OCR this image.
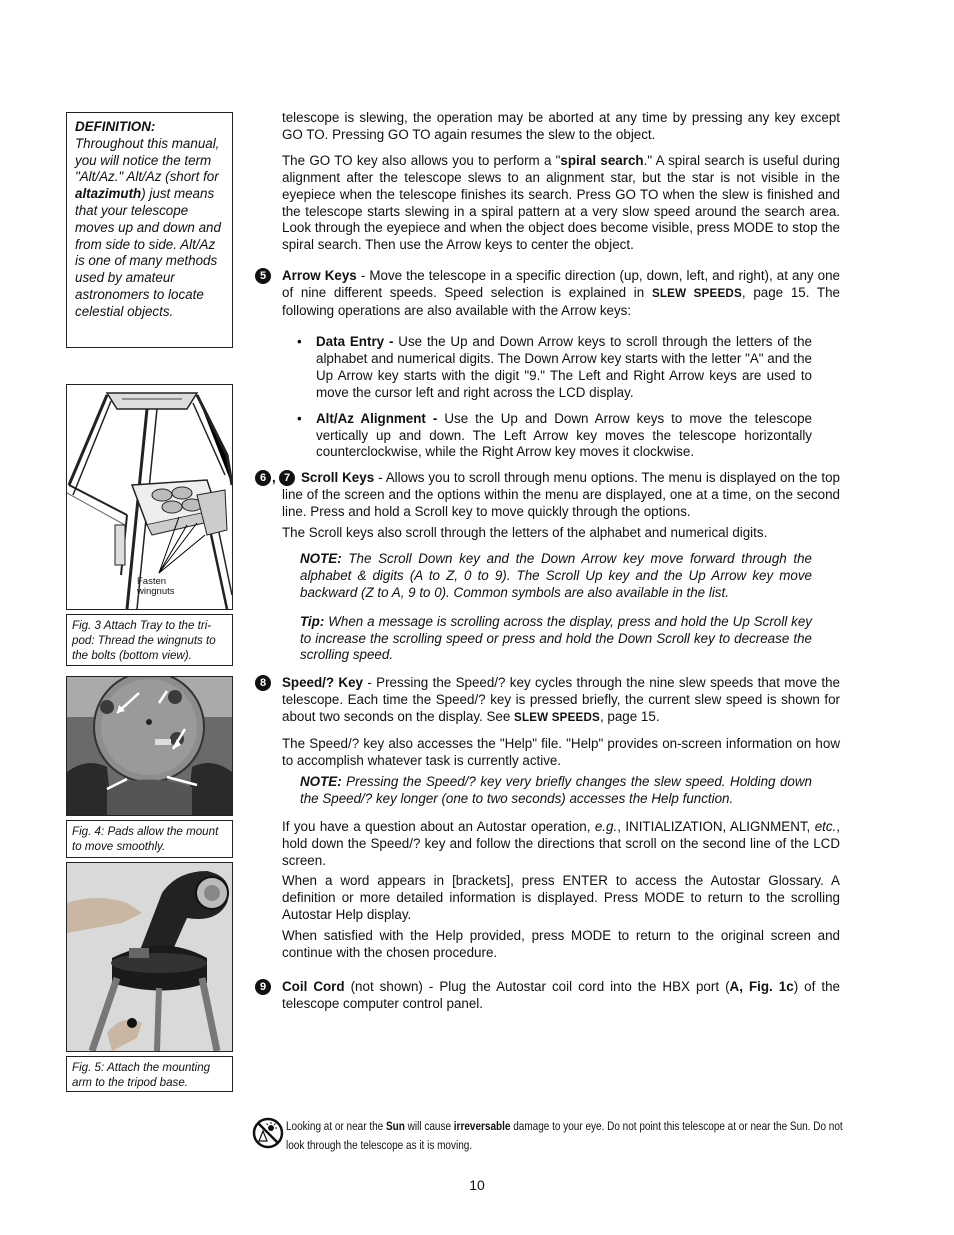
DEFINITION:
Throughout this manual, you will notice the term "Alt/Az." Alt/Az (short for altazimuth) just means that your telescope moves up and down and from side to side. Alt/Az is one of many methods used by amateur astronomers to locate celestial objects.
Fasten wingnuts
Fig. 3 Attach Tray to the tri-pod: Thread the wingnuts to the bolts (bottom view).
Fig. 4: Pads allow the mount to move smoothly.
Fig. 5: Attach the mounting arm to the tripod base.

telescope is slewing, the operation may be aborted at any time by pressing any key except GO TO. Pressing GO TO again resumes the slew to the object.

The GO TO key also allows you to perform a "spiral search." A spiral search is useful during alignment after the telescope slews to an alignment star, but the star is not visible in the eyepiece when the telescope finishes its search. Press GO TO when the slew is finished and the telescope starts slewing in a spiral pattern at a very slow speed around the search area. Look through the eyepiece and when the object does become visible, press MODE to stop the spiral search. Then use the Arrow keys to center the object.

5	Arrow Keys - Move the telescope in a specific direction (up, down, left, and right), at any one of nine different speeds. Speed selection is explained in SLEW SPEEDS, page 15. The following operations are also available with the Arrow keys:

• Data Entry - Use the Up and Down Arrow keys to scroll through the letters of the alphabet and numerical digits. The Down Arrow key starts with the letter "A" and the Up Arrow key starts with the digit "9." The Left and Right Arrow keys are used to move the cursor left and right across the LCD display.

• Alt/Az Alignment - Use the Up and Down Arrow keys to move the telescope vertically up and down. The Left Arrow key moves the telescope horizontally counterclockwise, while the Right Arrow key moves it clockwise.

6 , 7 Scroll Keys - Allows you to scroll through menu options. The menu is displayed on the top line of the screen and the options within the menu are displayed, one at a time, on the second line. Press and hold a Scroll key to move quickly through the options.

The Scroll keys also scroll through the letters of the alphabet and numerical digits.

NOTE: The Scroll Down key and the Down Arrow key move forward through the alphabet & digits (A to Z, 0 to 9). The Scroll Up key and the Up Arrow key move backward (Z to A, 9 to 0). Common symbols are also available in the list.

Tip: When a message is scrolling across the display, press and hold the Up Scroll key to increase the scrolling speed or press and hold the Down Scroll key to decrease the scrolling speed.

8	Speed/? Key - Pressing the Speed/? key cycles through the nine slew speeds that move the telescope. Each time the Speed/? key is pressed briefly, the current slew speed is shown for about two seconds on the display. See SLEW SPEEDS, page 15.

The Speed/? key also accesses the "Help" file. "Help" provides on-screen information on how to accomplish whatever task is currently active.

NOTE: Pressing the Speed/? key very briefly changes the slew speed. Holding down the Speed/? key longer (one to two seconds) accesses the Help function.

If you have a question about an Autostar operation, e.g., INITIALIZATION, ALIGNMENT, etc., hold down the Speed/? key and follow the directions that scroll on the second line of the LCD screen.

When a word appears in [brackets], press ENTER to access the Autostar Glossary. A definition or more detailed information is displayed. Press MODE to return to the scrolling Autostar Help display.

When satisfied with the Help provided, press MODE to return to the original screen and continue with the chosen procedure.

9	Coil Cord (not shown) - Plug the Autostar coil cord into the HBX port (A, Fig. 1c) of the telescope computer control panel.

Looking at or near the Sun will cause irreversable damage to your eye. Do not point this telescope at or near the Sun. Do not look through the telescope as it is moving.
10
